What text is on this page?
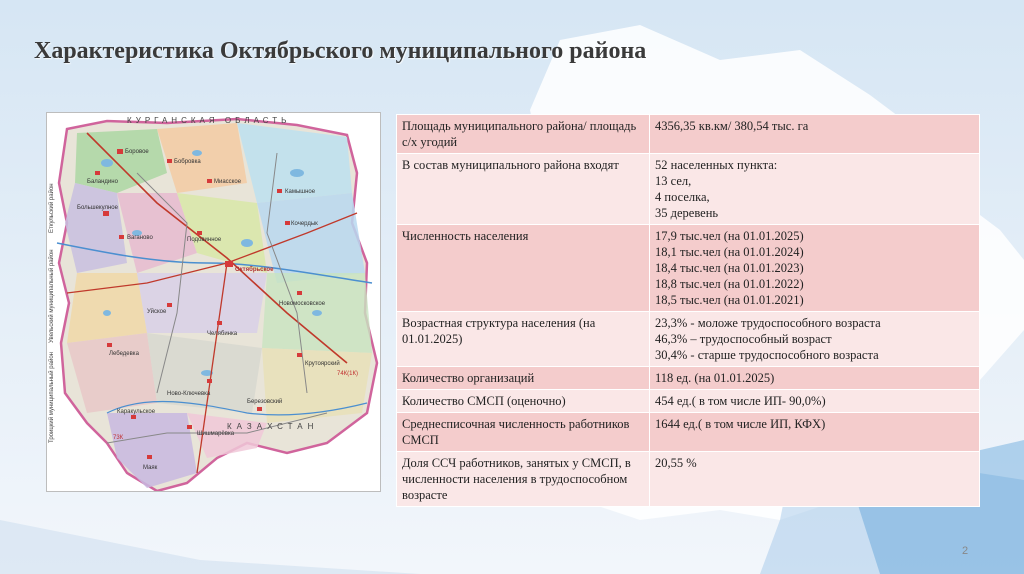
Характеристика Октябрьского муниципального района
Боровое
Баландино
Бобровка
Миасское
Камышное
Большекулное
Ваганово
Кочердык
Подовинное
Октябрьское
Новомосковское
Уйское
Крутоярский
Березовский
Каракульское
Челябинка
Шишмарёвка
Лебедевка
Ново-Ключевка
Маяк
КУРГАНСКАЯ ОБЛАСТЬ
КАЗАХСТАН
Еткульский район
Увельский муниципальный район
Троицкий муниципальный район	74К(1К)
73К
Площадь муниципального района/ площадь с/х угодий	4356,35 кв.км/ 380,54 тыс. га

В состав муниципального района входят	52 населенных пункта:
13 сел,
4 поселка,
35 деревень

Численность населения	17,9 тыс.чел (на 01.01.2025)
18,1 тыс.чел (на 01.01.2024)
18,4 тыс.чел (на 01.01.2023)
18,8 тыс.чел (на 01.01.2022)
18,5 тыс.чел (на 01.01.2021)

Возрастная структура населения (на 01.01.2025)	23,3% - моложе трудоспособного возраста
46,3% – трудоспособный возраст
30,4% - старше трудоспособного возраста

Количество организаций	118 ед. (на 01.01.2025)

Количество СМСП (оценочно)	454 ед.( в том числе ИП- 90,0%)

Среднесписочная численность работников СМСП	1644 ед.( в том числе ИП, КФХ)

Доля ССЧ работников, занятых у СМСП, в численности населения в трудоспособном возрасте	20,55 %
2
